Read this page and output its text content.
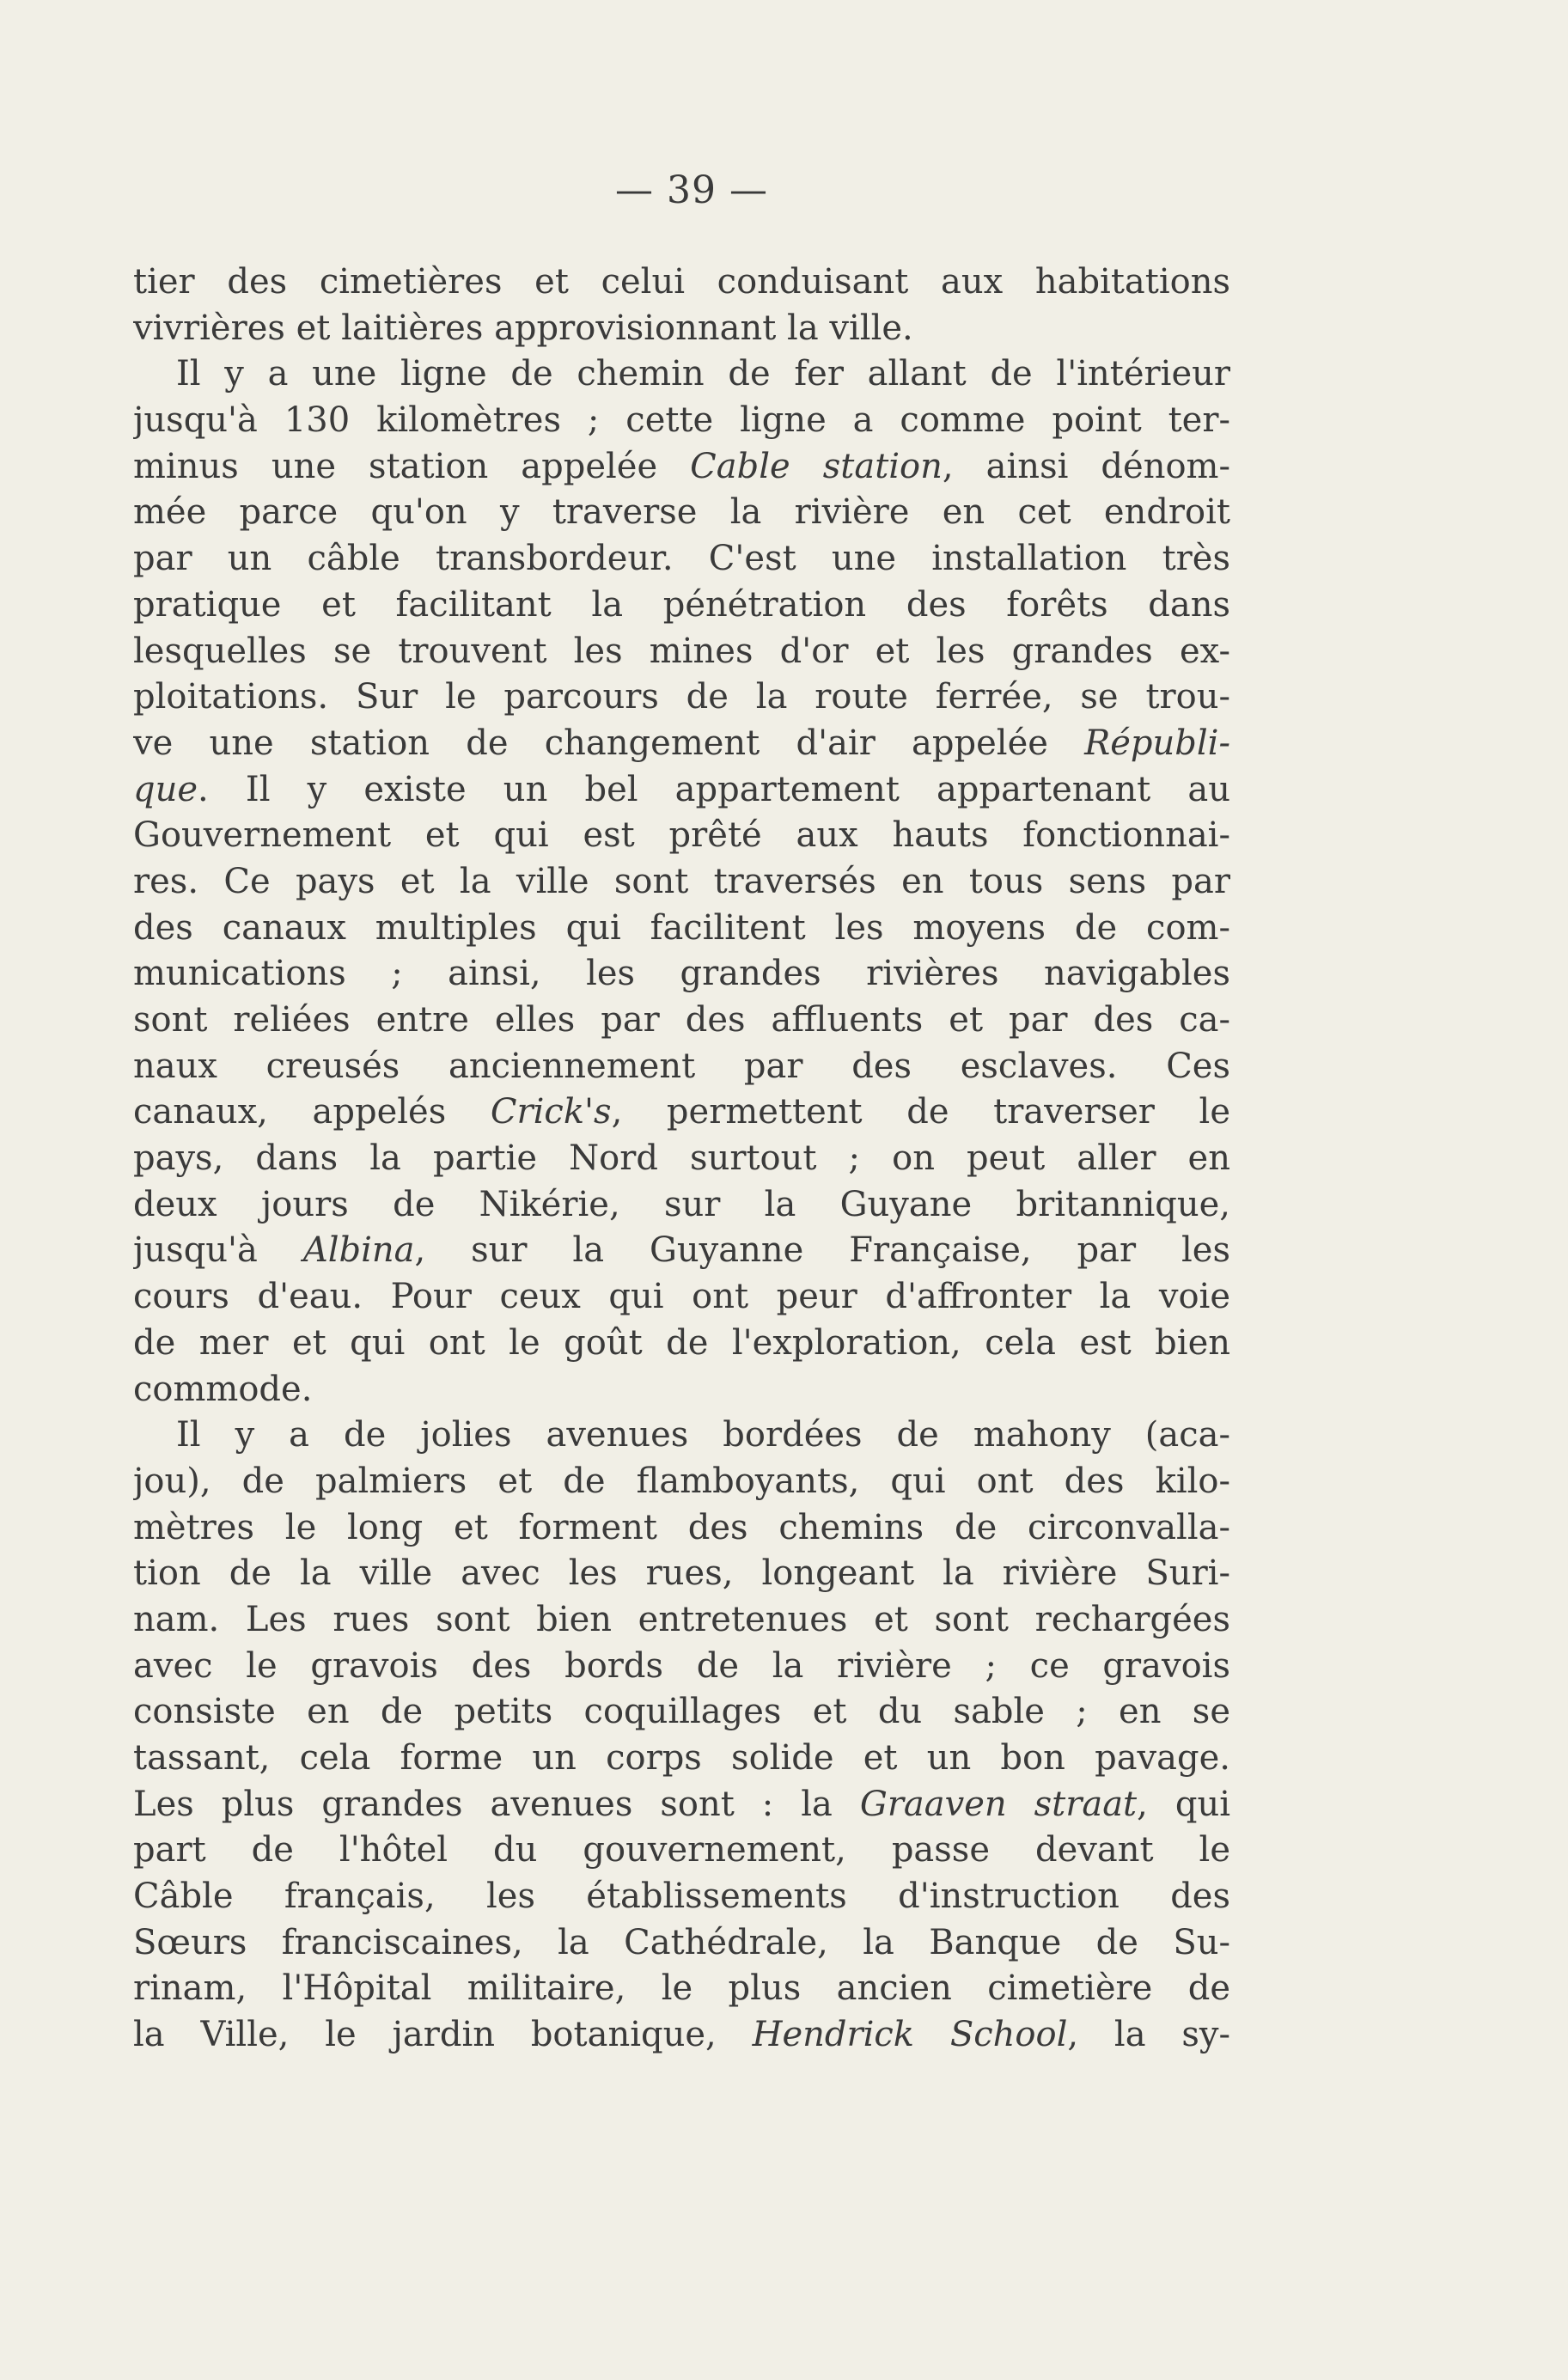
— 39 —
tier des cimetières et celui conduisant aux habitations
vivrières et laitières approvisionnant la ville.
Il y a une ligne de chemin de fer allant de l'intérieur
jusqu'à 130 kilomètres ; cette ligne a comme point ter-
minus une station appelée Cable station, ainsi dénom-
mée parce qu'on y traverse la rivière en cet endroit
par un câble transbordeur. C'est une installation très
pratique et facilitant la pénétration des forêts dans
lesquelles se trouvent les mines d'or et les grandes ex-
ploitations. Sur le parcours de la route ferrée, se trou-
ve une station de changement d'air appelée Républi-
que. Il y existe un bel appartement appartenant au
Gouvernement et qui est prêté aux hauts fonctionnai-
res. Ce pays et la ville sont traversés en tous sens par
des canaux multiples qui facilitent les moyens de com-
munications ; ainsi, les grandes rivières navigables
sont reliées entre elles par des affluents et par des ca-
naux creusés anciennement par des esclaves. Ces
canaux, appelés Crick's, permettent de traverser le
pays, dans la partie Nord surtout ; on peut aller en
deux jours de Nikérie, sur la Guyane britannique,
jusqu'à Albina, sur la Guyanne Française, par les
cours d'eau. Pour ceux qui ont peur d'affronter la voie
de mer et qui ont le goût de l'exploration, cela est bien
commode.
Il y a de jolies avenues bordées de mahony (aca-
jou), de palmiers et de flamboyants, qui ont des kilo-
mètres le long et forment des chemins de circonvalla-
tion de la ville avec les rues, longeant la rivière Suri-
nam. Les rues sont bien entretenues et sont rechargées
avec le gravois des bords de la rivière ; ce gravois
consiste en de petits coquillages et du sable ; en se
tassant, cela forme un corps solide et un bon pavage.
Les plus grandes avenues sont : la Graaven straat, qui
part de l'hôtel du gouvernement, passe devant le
Câble français, les établissements d'instruction des
Sœurs franciscaines, la Cathédrale, la Banque de Su-
rinam, l'Hôpital militaire, le plus ancien cimetière de
la Ville, le jardin botanique, Hendrick School, la sy-
